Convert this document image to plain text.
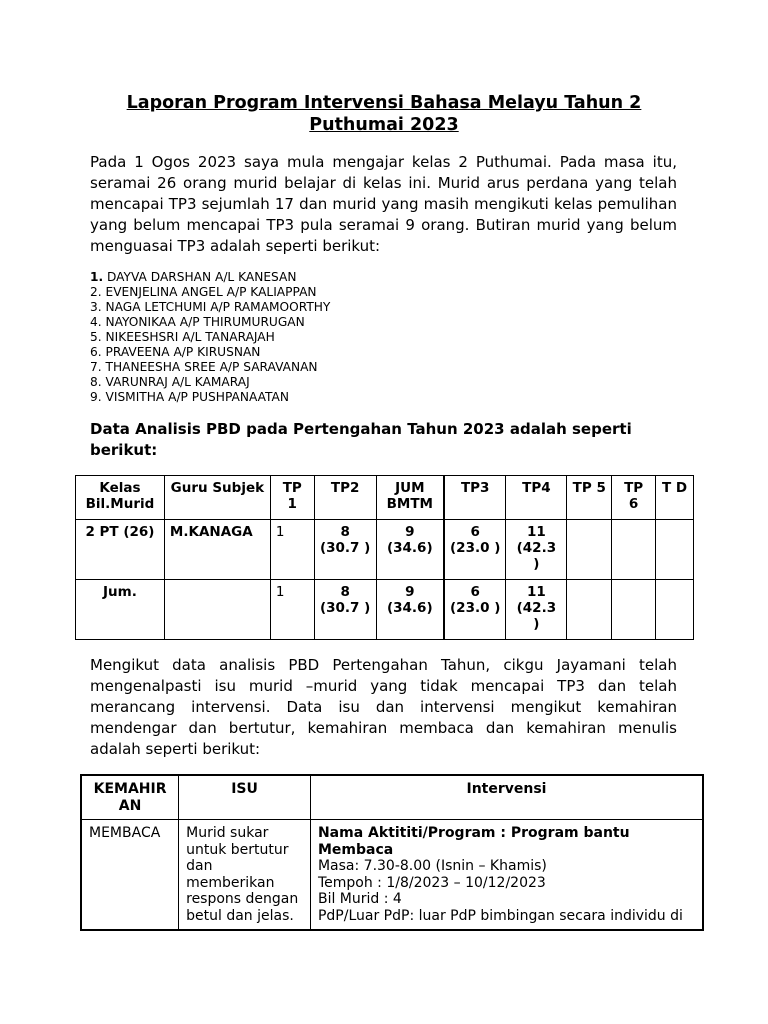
Laporan Program Intervensi Bahasa Melayu Tahun 2
Puthumai 2023

Pada 1 Ogos 2023 saya mula mengajar kelas 2 Puthumai. Pada masa itu, seramai 26 orang murid belajar di kelas ini. Murid arus perdana yang telah mencapai TP3 sejumlah 17 dan murid yang masih mengikuti kelas pemulihan yang belum mencapai TP3 pula seramai 9 orang. Butiran murid yang belum menguasai TP3 adalah seperti berikut:

1. DAYVA DARSHAN A/L KANESAN
2. EVENJELINA ANGEL A/P KALIAPPAN
3. NAGA LETCHUMI A/P RAMAMOORTHY
4. NAYONIKAA A/P THIRUMURUGAN
5. NIKEESHSRI A/L TANARAJAH
6. PRAVEENA A/P KIRUSNAN
7. THANEESHA SREE A/P SARAVANAN
8. VARUNRAJ A/L KAMARAJ
9. VISMITHA A/P PUSHPANAATAN

Data Analisis PBD pada Pertengahan Tahun 2023 adalah seperti berikut:

Kelas Bil.Murid	Guru Subjek	TP 1	TP2	JUM BMTM	TP3	TP4	TP 5	TP 6	T D
2 PT (26)	M.KANAGA	1	8 (30.7 )	9 (34.6)	6 (23.0 )	11 (42.3 )			
Jum.		1	8 (30.7 )	9 (34.6)	6 (23.0 )	11 (42.3 )			

Mengikut data analisis PBD Pertengahan Tahun, cikgu Jayamani telah mengenalpasti isu murid –murid yang tidak mencapai TP3 dan telah merancang intervensi. Data isu dan intervensi mengikut kemahiran mendengar dan bertutur, kemahiran membaca dan kemahiran menulis adalah seperti berikut:

KEMAHIR AN	ISU	Intervensi
MEMBACA	Murid sukar untuk bertutur dan memberikan respons dengan betul dan jelas.	Nama Aktititi/Program : Program bantu Membaca
Masa: 7.30-8.00 (Isnin – Khamis)
Tempoh : 1/8/2023 – 10/12/2023
Bil Murid : 4
PdP/Luar PdP: luar PdP bimbingan secara individu di
